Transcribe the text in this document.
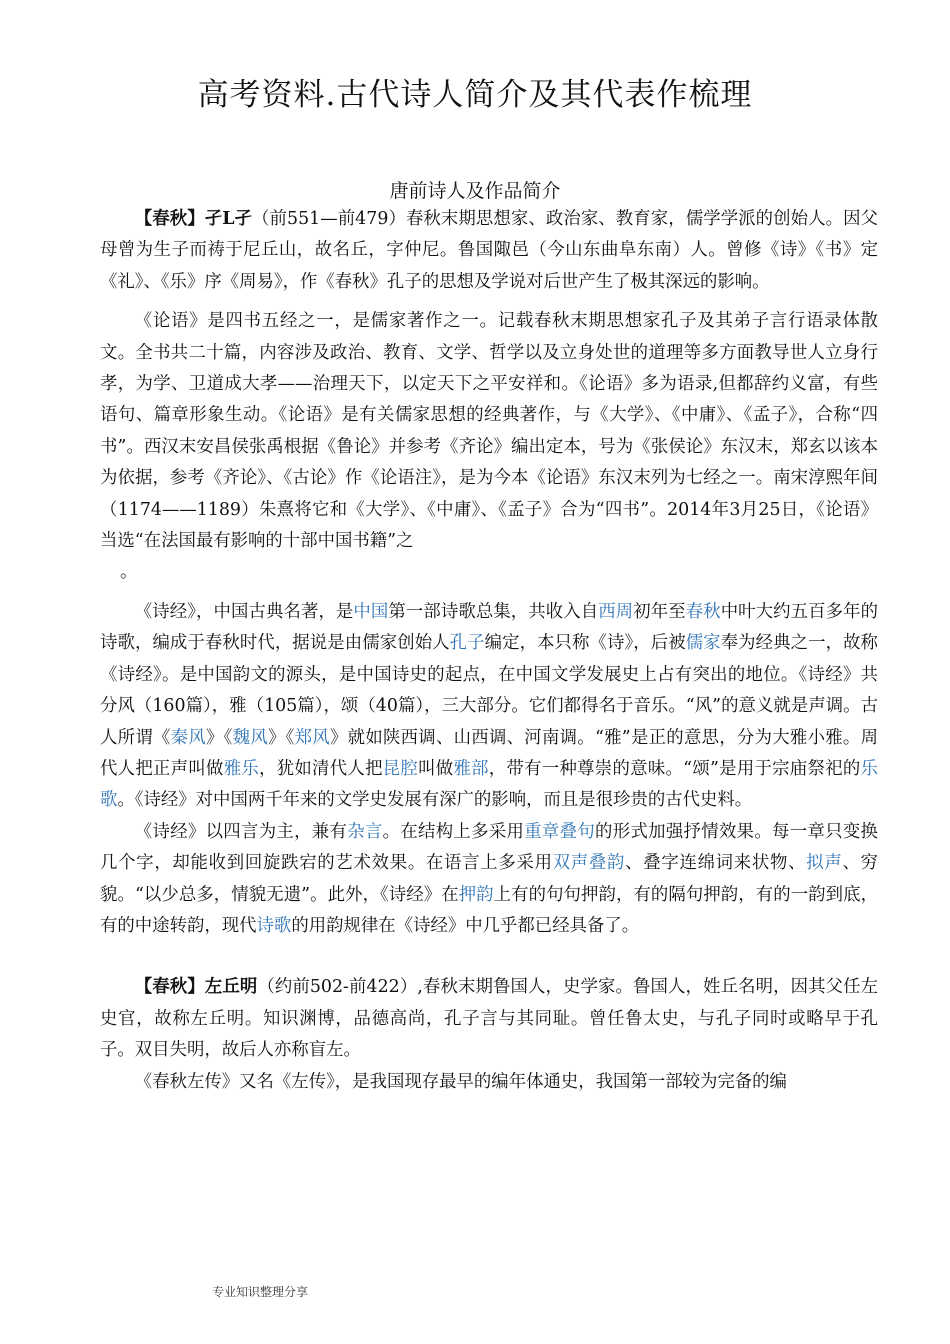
高考资料.古代诗人简介及其代表作梳理
唐前诗人及作品简介

【春秋】孑L孑（前551—前479）春秋末期思想家、政治家、教育家，儒学学派的创始人。因父母曾为生子而祷于尼丘山，故名丘，字仲尼。鲁国陬邑（今山东曲阜东南）人。曾修《诗》《书》定《礼》、《乐》序《周易》，作《春秋》孔子的思想及学说对后世产生了极其深远的影响。

《论语》是四书五经之一，是儒家著作之一。记载春秋末期思想家孔子及其弟子言行语录体散文。全书共二十篇，内容涉及政治、教育、文学、哲学以及立身处世的道理等多方面教导世人立身行孝，为学、卫道成大孝——治理天下，以定天下之平安祥和。《论语》多为语录,但都辞约义富，有些语句、篇章形象生动。《论语》是有关儒家思想的经典著作，与《大学》、《中庸》、《孟子》，合称“四书”。西汉末安昌侯张禹根据《鲁论》并参考《齐论》编出定本，号为《张侯论》东汉末，郑玄以该本为依据，参考《齐论》、《古论》作《论语注》，是为今本《论语》东汉末列为七经之一。南宋淳熙年间（1174——1189）朱熹将它和《大学》、《中庸》、《孟子》合为“四书”。2014年3月25日，《论语》当选“在法国最有影响的十部中国书籍”之

。

《诗经》，中国古典名著，是中国第一部诗歌总集，共收入自西周初年至春秋中叶大约五百多年的诗歌，编成于春秋时代，据说是由儒家创始人孔子编定，本只称《诗》，后被儒家奉为经典之一，故称《诗经》。是中国韵文的源头，是中国诗史的起点，在中国文学发展史上占有突出的地位。《诗经》共分风（160篇），雅（105篇），颂（40篇），三大部分。它们都得名于音乐。“风”的意义就是声调。古人所谓《秦风》《魏风》《郑风》就如陕西调、山西调、河南调。“雅”是正的意思，分为大雅小雅。周代人把正声叫做雅乐，犹如清代人把昆腔叫做雅部，带有一种尊崇的意味。“颂”是用于宗庙祭祀的乐歌。《诗经》对中国两千年来的文学史发展有深广的影响，而且是很珍贵的古代史料。

《诗经》以四言为主，兼有杂言。在结构上多采用重章叠句的形式加强抒情效果。每一章只变换几个字，却能收到回旋跌宕的艺术效果。在语言上多采用双声叠韵、叠字连绵词来状物、拟声、穷貌。“以少总多，情貌无遗”。此外，《诗经》在押韵上有的句句押韵，有的隔句押韵，有的一韵到底，有的中途转韵，现代诗歌的用韵规律在《诗经》中几乎都已经具备了。

【春秋】左丘明（约前502-前422）,春秋末期鲁国人，史学家。鲁国人，姓丘名明，因其父任左史官，故称左丘明。知识渊博，品德高尚，孔子言与其同耻。曾任鲁太史，与孔子同时或略早于孔子。双目失明，故后人亦称盲左。

《春秋左传》又名《左传》，是我国现存最早的编年体通史，我国第一部较为完备的编

专业知识整理分享
